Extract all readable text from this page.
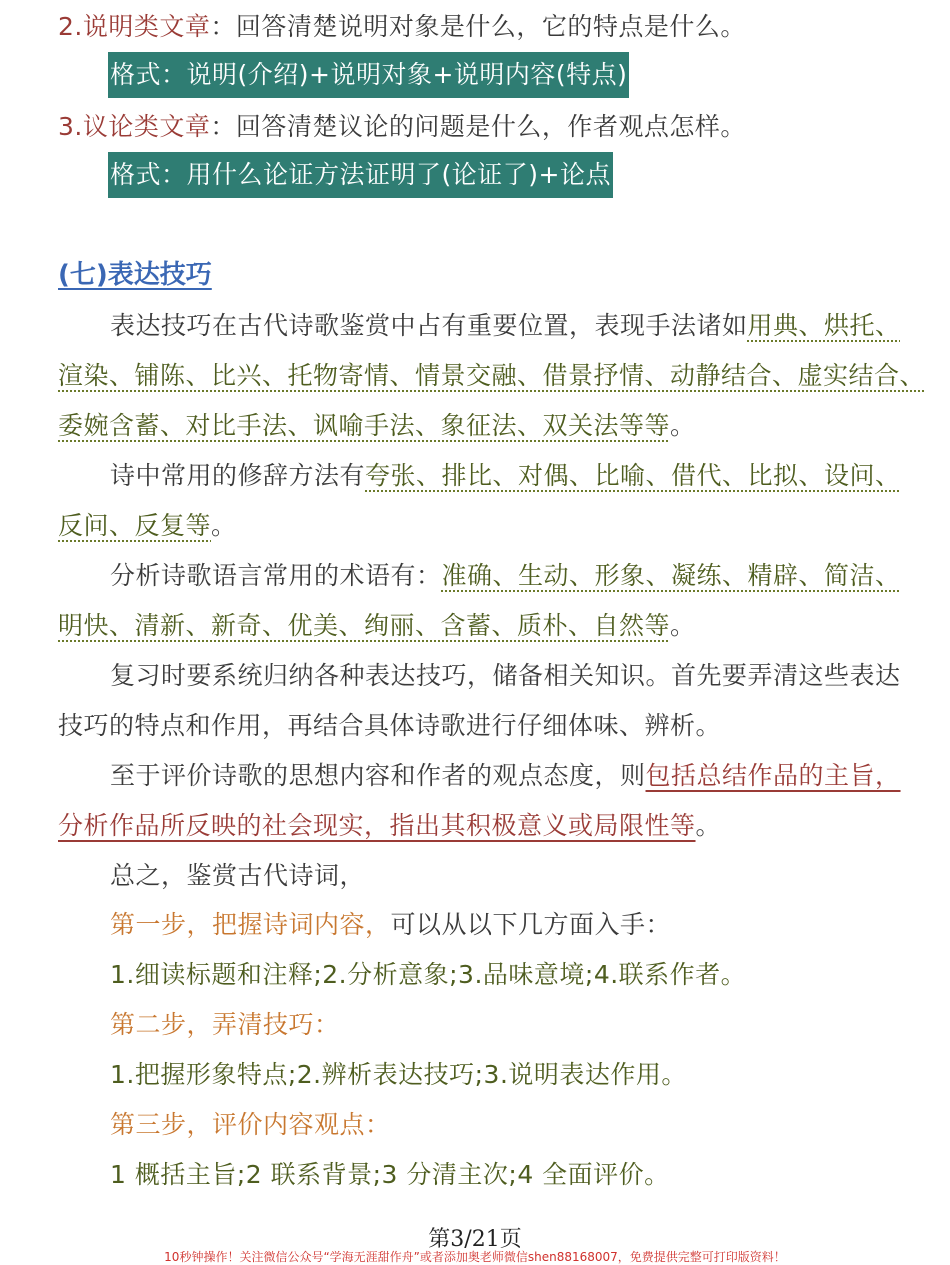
2.说明类文章：回答清楚说明对象是什么，它的特点是什么。
格式：说明(介绍)+说明对象+说明内容(特点)
3.议论类文章：回答清楚议论的问题是什么，作者观点怎样。
格式：用什么论证方法证明了(论证了)+论点
(七)表达技巧
表达技巧在古代诗歌鉴赏中占有重要位置，表现手法诸如用典、烘托、
渲染、铺陈、比兴、托物寄情、情景交融、借景抒情、动静结合、虚实结合、
委婉含蓄、对比手法、讽喻手法、象征法、双关法等等。
诗中常用的修辞方法有夸张、排比、对偶、比喻、借代、比拟、设问、
反问、反复等。
分析诗歌语言常用的术语有：准确、生动、形象、凝练、精辟、简洁、
明快、清新、新奇、优美、绚丽、含蓄、质朴、自然等。
复习时要系统归纳各种表达技巧，储备相关知识。首先要弄清这些表达
技巧的特点和作用，再结合具体诗歌进行仔细体味、辨析。
至于评价诗歌的思想内容和作者的观点态度，则包括总结作品的主旨，
分析作品所反映的社会现实，指出其积极意义或局限性等。
总之，鉴赏古代诗词，
第一步，把握诗词内容，可以从以下几方面入手：
1.细读标题和注释;2.分析意象;3.品味意境;4.联系作者。
第二步，弄清技巧：
1.把握形象特点;2.辨析表达技巧;3.说明表达作用。
第三步，评价内容观点：
1 概括主旨;2 联系背景;3 分清主次;4 全面评价。
第3/21页
10秒钟操作！关注微信公众号“学海无涯甜作舟”或者添加奥老师微信shen88168007，免费提供完整可打印版资料！
